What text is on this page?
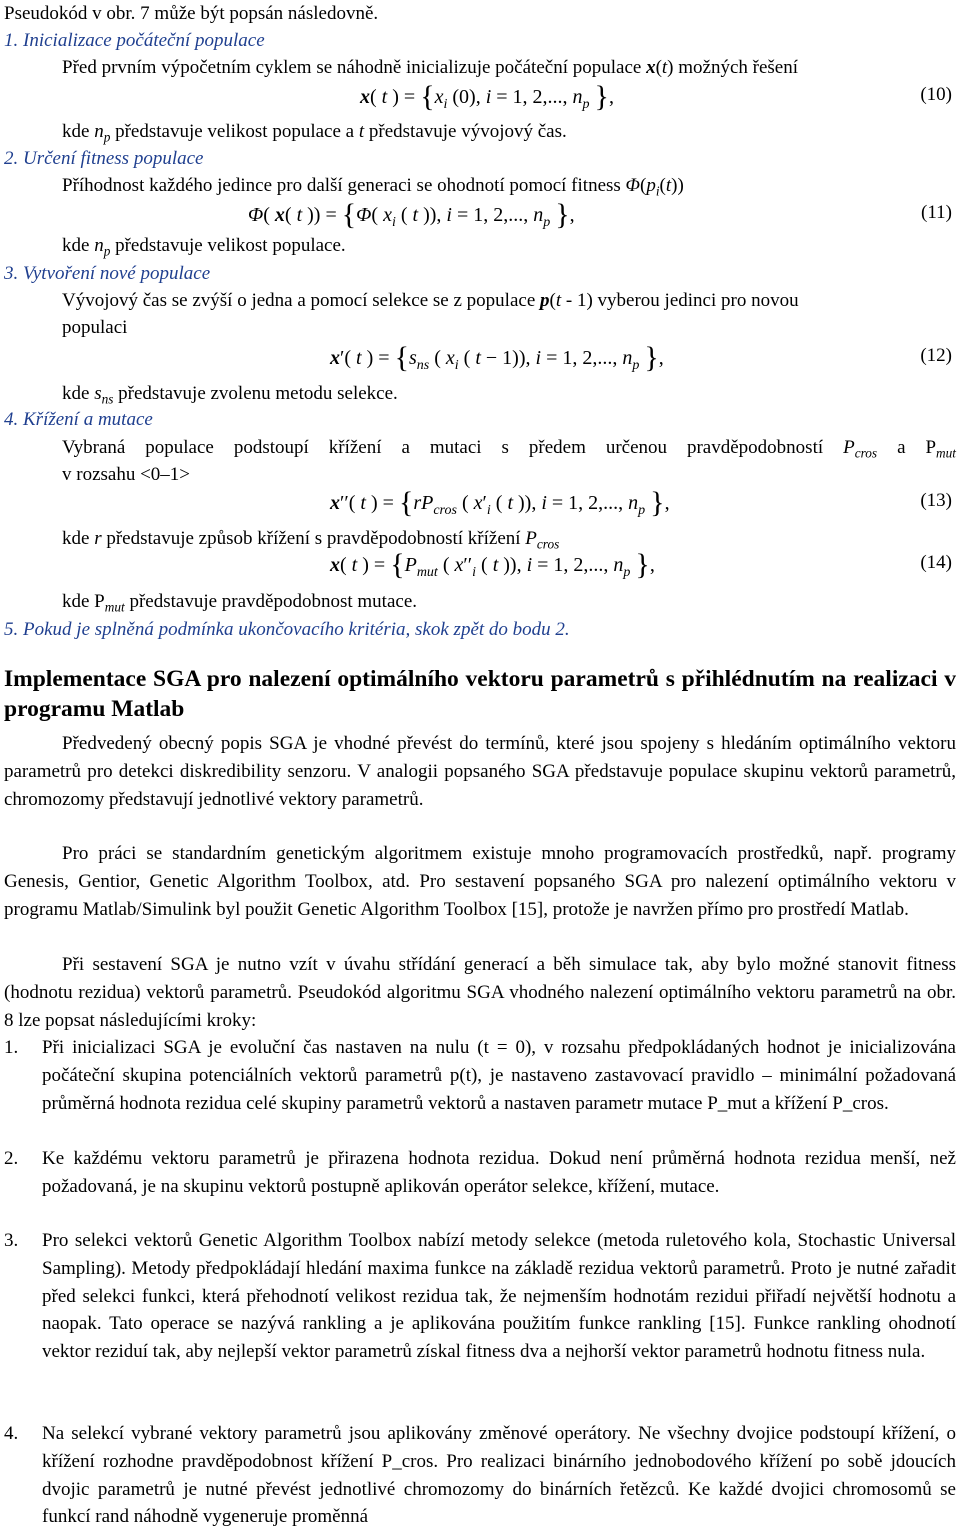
Pseudokód v obr. 7 může být popsán následovně.
1. Inicializace počáteční populace
Před prvním výpočetním cyklem se náhodně inicializuje počáteční populace x(t) možných řešení
x( t ) = {$x_i$ (0), i = 1, 2,..., $n_p$ },	(10)
kde $n_p$ představuje velikost populace a t představuje vývojový čas.
2. Určení fitness populace
Příhodnost každého jedince pro další generaci se ohodnotí pomocí fitness $\Phi(p_i(t))$
Φ( x( t )) = {Φ( $x_i$ ( t )), i = 1, 2,..., $n_p$ },	(11)
kde $n_p$ představuje velikost populace.
3. Vytvoření nové populace
Vývojový čas se zvýší o jedna a pomocí selekce se z populace p(t - 1) vyberou jedinci pro novou
populaci
x′( t ) = {$s_{ns}$ ( $x_i$ ( t − 1)), i = 1, 2,..., $n_p$ },	(12)
kde $s_{ns}$ představuje zvolenu metodu selekce.
4. Křížení a mutace
Vybraná populace podstoupí křížení a mutaci s předem určenou pravděpodobností $P_{cros}$ a $P_{mut}$
v rozsahu <0–1>
x′′( t ) = {$rP_{cros}$ ( $x'_i$ ( t )), i = 1, 2,..., $n_p$ },	(13)
kde r představuje způsob křížení s pravděpodobností křížení $P_{cros}$
x( t ) = {$P_{mut}$ ( $x''_i$ ( t )), i = 1, 2,..., $n_p$ },	(14)
kde $P_{mut}$ představuje pravděpodobnost mutace.
5. Pokud je splněná podmínka ukončovacího kritéria, skok zpět do bodu 2.
Implementace SGA pro nalezení optimálního vektoru parametrů s přihlédnutím na realizaci v programu Matlab

Předvedený obecný popis SGA je vhodné převést do termínů, které jsou spojeny s hledáním optimálního vektoru parametrů pro detekci diskredibility senzoru. V analogii popsaného SGA představuje populace skupinu vektorů parametrů, chromozomy představují jednotlivé vektory parametrů.

Pro práci se standardním genetickým algoritmem existuje mnoho programovacích prostředků, např. programy Genesis, Gentior, Genetic Algorithm Toolbox, atd. Pro sestavení popsaného SGA pro nalezení optimálního vektoru v programu Matlab/Simulink byl použit Genetic Algorithm Toolbox [15], protože je navržen přímo pro prostředí Matlab.

Při sestavení SGA je nutno vzít v úvahu střídání generací a běh simulace tak, aby bylo možné stanovit fitness (hodnotu rezidua) vektorů parametrů. Pseudokód algoritmu SGA vhodného nalezení optimálního vektoru parametrů na obr. 8 lze popsat následujícími kroky:

1. Při inicializaci SGA je evoluční čas nastaven na nulu (t = 0), v rozsahu předpokládaných hodnot je inicializována počáteční skupina potenciálních vektorů parametrů p(t), je nastaveno zastavovací pravidlo – minimální požadovaná průměrná hodnota rezidua celé skupiny parametrů vektorů a nastaven parametr mutace P_mut a křížení P_cros.
2. Ke každému vektoru parametrů je přirazena hodnota rezidua. Dokud není průměrná hodnota rezidua menší, než požadovaná, je na skupinu vektorů postupně aplikován operátor selekce, křížení, mutace.
3. Pro selekci vektorů Genetic Algorithm Toolbox nabízí metody selekce (metoda ruletového kola, Stochastic Universal Sampling). Metody předpokládají hledání maxima funkce na základě rezidua vektorů parametrů. Proto je nutné zařadit před selekci funkci, která přehodnotí velikost rezidua tak, že nejmenším hodnotám rezidui přiřadí největší hodnotu a naopak. Tato operace se nazývá rankling a je aplikována použitím funkce rankling [15]. Funkce rankling ohodnotí vektor reziduí tak, aby nejlepší vektor parametrů získal fitness dva a nejhorší vektor parametrů hodnotu fitness nula.
4. Na selekcí vybrané vektory parametrů jsou aplikovány změnové operátory. Ne všechny dvojice podstoupí křížení, o křížení rozhodne pravděpodobnost křížení P_cros. Pro realizaci binárního jednobodového křížení po sobě jdoucích dvojic parametrů je nutné převést jednotlivé chromozomy do binárních řetězců. Ke každé dvojici chromosomů se funkcí rand náhodně vygeneruje proměnná
